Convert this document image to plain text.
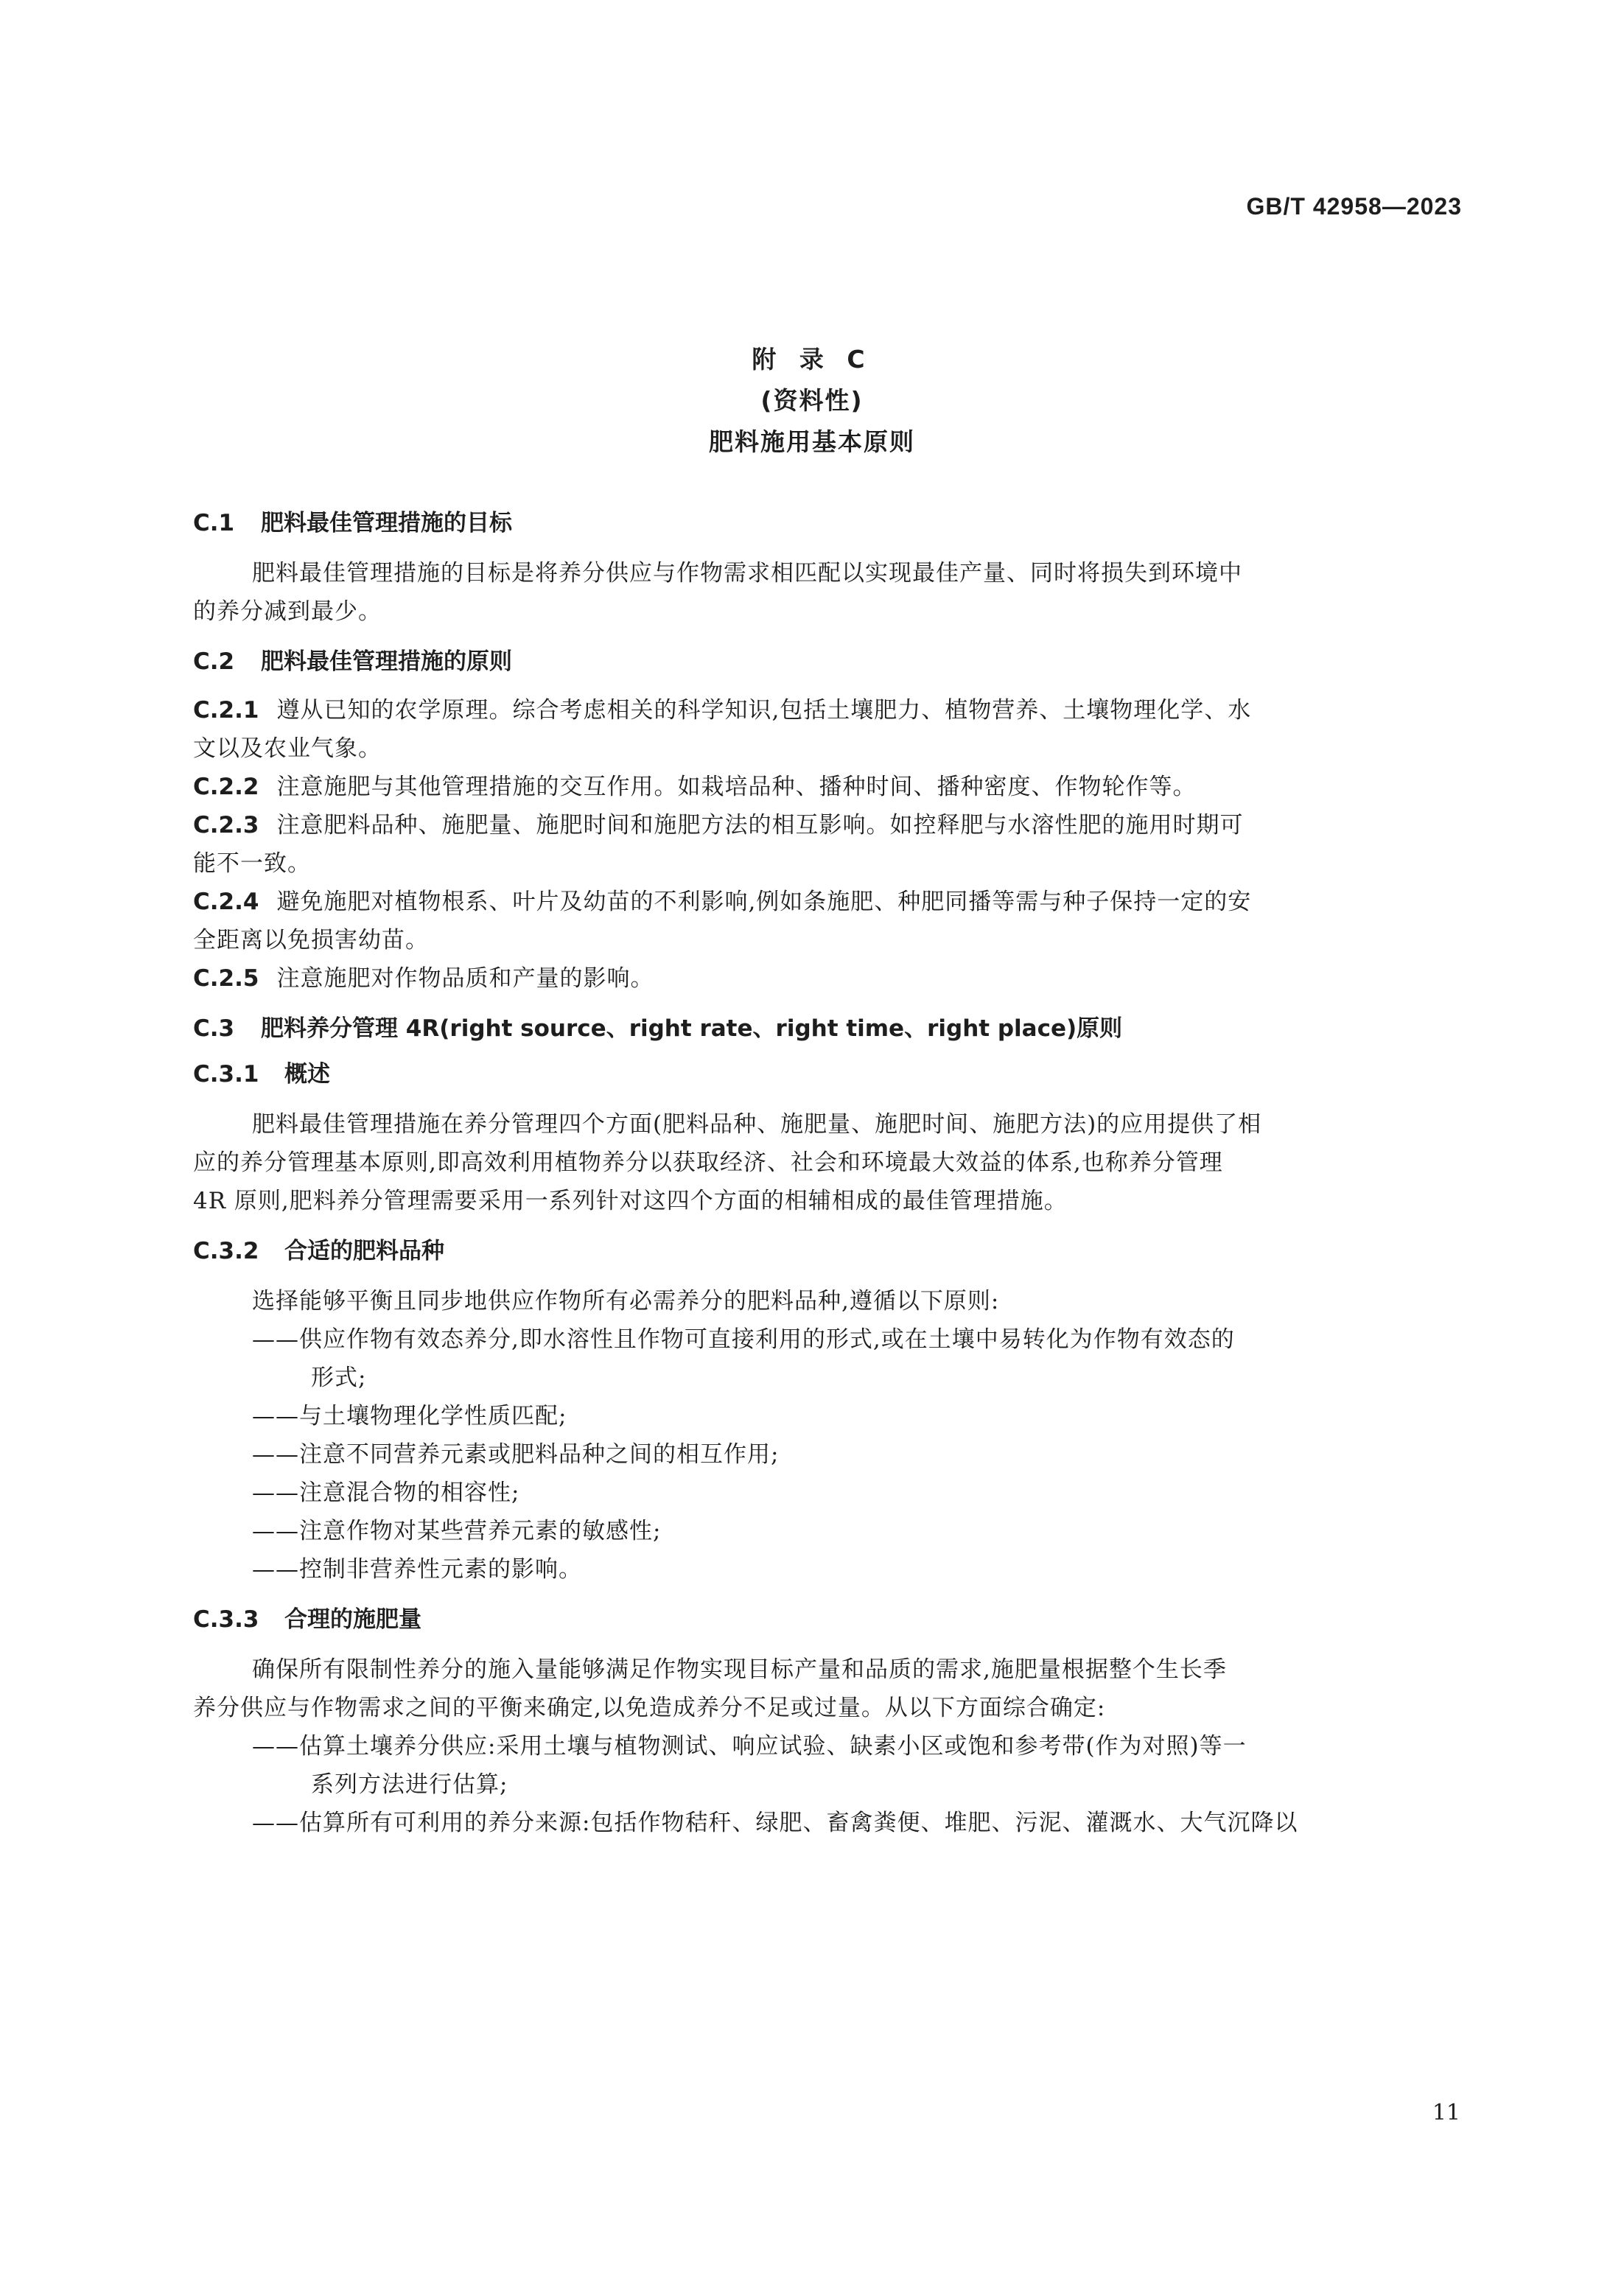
GB/T 42958—2023
附 录 C
(资料性)
肥料施用基本原则
C.1 肥料最佳管理措施的目标
肥料最佳管理措施的目标是将养分供应与作物需求相匹配以实现最佳产量、同时将损失到环境中
的养分减到最少。
C.2 肥料最佳管理措施的原则
C.2.1 遵从已知的农学原理。综合考虑相关的科学知识,包括土壤肥力、植物营养、土壤物理化学、水
文以及农业气象。
C.2.2 注意施肥与其他管理措施的交互作用。如栽培品种、播种时间、播种密度、作物轮作等。
C.2.3 注意肥料品种、施肥量、施肥时间和施肥方法的相互影响。如控释肥与水溶性肥的施用时期可
能不一致。
C.2.4 避免施肥对植物根系、叶片及幼苗的不利影响,例如条施肥、种肥同播等需与种子保持一定的安
全距离以免损害幼苗。
C.2.5 注意施肥对作物品质和产量的影响。
C.3 肥料养分管理 4R(right source、right rate、right time、right place)原则
C.3.1 概述
肥料最佳管理措施在养分管理四个方面(肥料品种、施肥量、施肥时间、施肥方法)的应用提供了相
应的养分管理基本原则,即高效利用植物养分以获取经济、社会和环境最大效益的体系,也称养分管理
4R 原则,肥料养分管理需要采用一系列针对这四个方面的相辅相成的最佳管理措施。
C.3.2 合适的肥料品种
选择能够平衡且同步地供应作物所有必需养分的肥料品种,遵循以下原则:
——供应作物有效态养分,即水溶性且作物可直接利用的形式,或在土壤中易转化为作物有效态的
形式;
——与土壤物理化学性质匹配;
——注意不同营养元素或肥料品种之间的相互作用;
——注意混合物的相容性;
——注意作物对某些营养元素的敏感性;
——控制非营养性元素的影响。
C.3.3 合理的施肥量
确保所有限制性养分的施入量能够满足作物实现目标产量和品质的需求,施肥量根据整个生长季
养分供应与作物需求之间的平衡来确定,以免造成养分不足或过量。从以下方面综合确定:
——估算土壤养分供应:采用土壤与植物测试、响应试验、缺素小区或饱和参考带(作为对照)等一
系列方法进行估算;
——估算所有可利用的养分来源:包括作物秸秆、绿肥、畜禽粪便、堆肥、污泥、灌溉水、大气沉降以
11
